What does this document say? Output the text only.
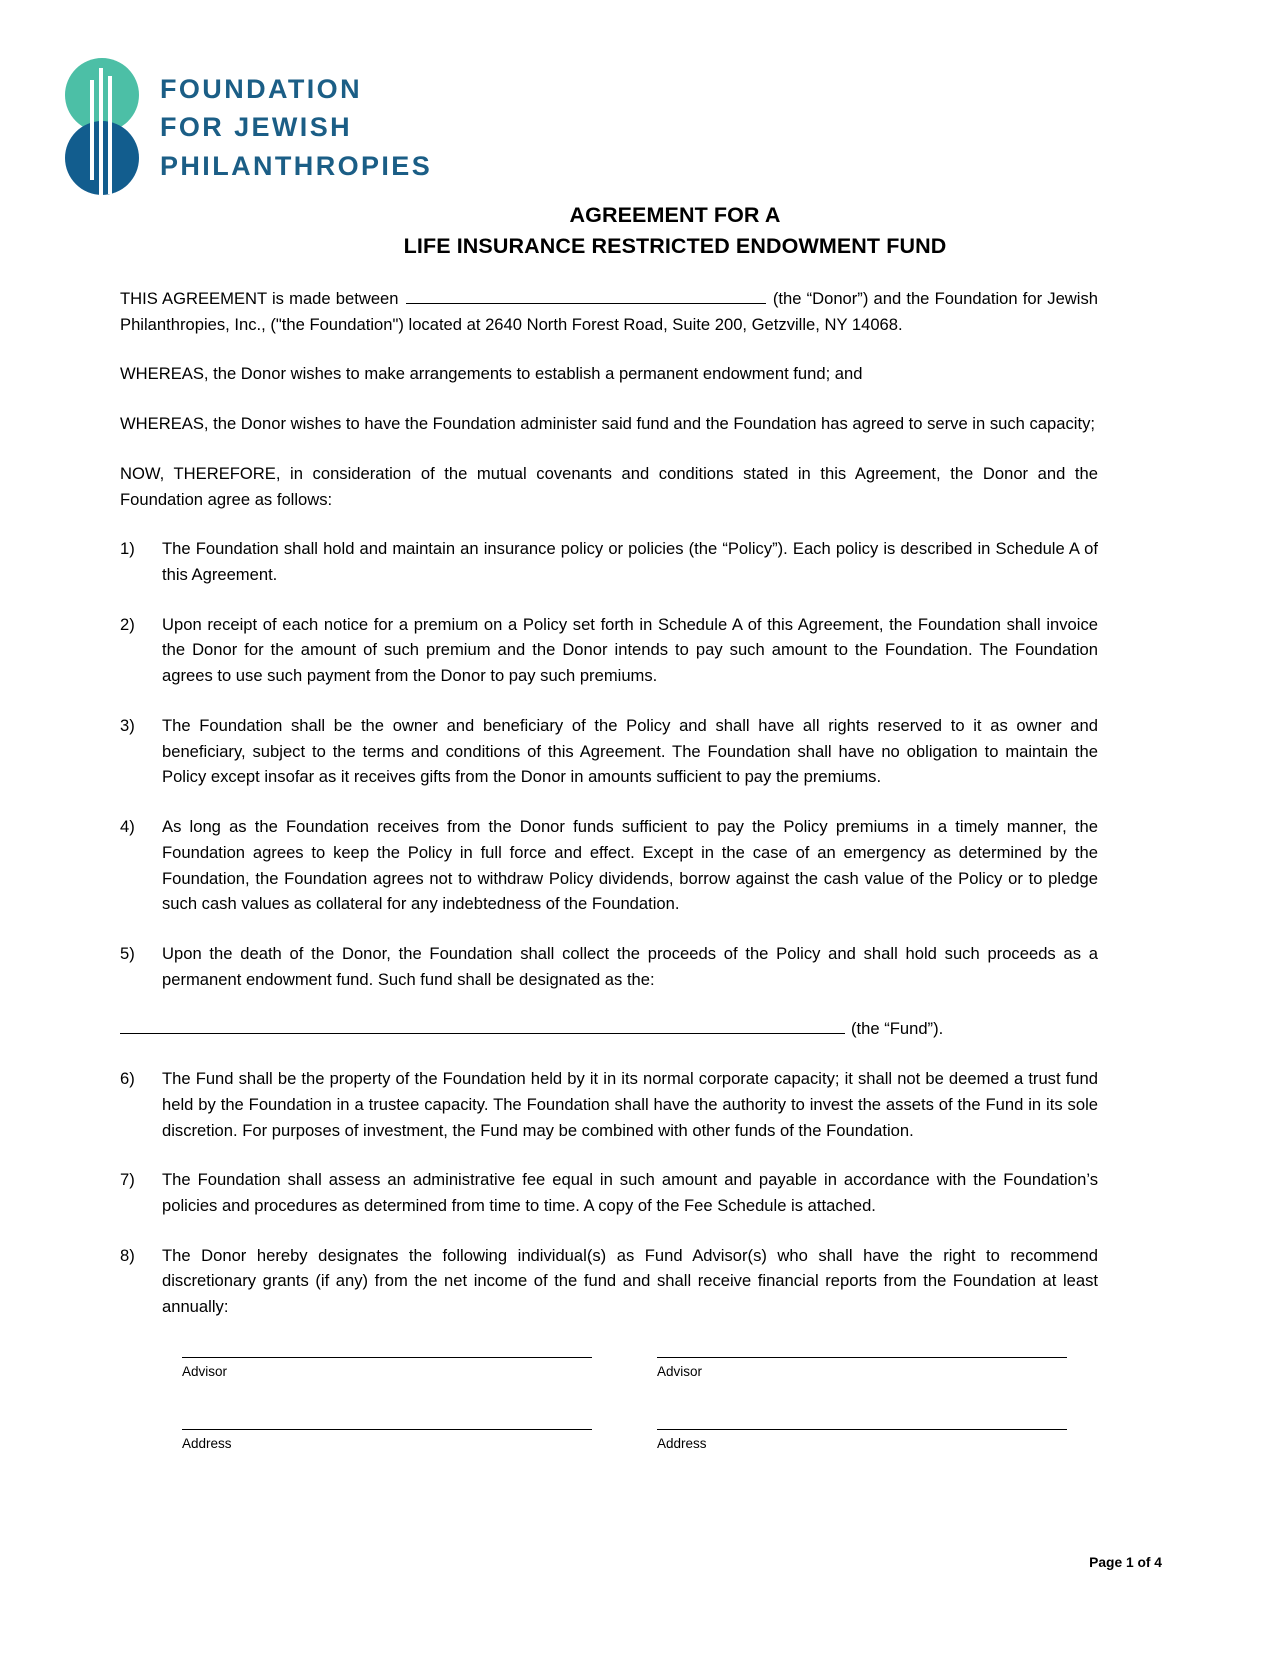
FOUNDATION
FOR JEWISH
PHILANTHROPIES
AGREEMENT FOR A
LIFE INSURANCE RESTRICTED ENDOWMENT FUND

THIS AGREEMENT is made between	(the “Donor”) and the Foundation for Jewish Philanthropies, Inc., ("the Foundation") located at 2640 North Forest Road, Suite 200, Getzville, NY 14068.

WHEREAS, the Donor wishes to make arrangements to establish a permanent endowment fund; and

WHEREAS, the Donor wishes to have the Foundation administer said fund and the Foundation has agreed to serve in such capacity;

NOW, THEREFORE, in consideration of the mutual covenants and conditions stated in this Agreement, the Donor and the Foundation agree as follows:

1)	The Foundation shall hold and maintain an insurance policy or policies (the “Policy”). Each policy is described in Schedule A of this Agreement.
2)	Upon receipt of each notice for a premium on a Policy set forth in Schedule A of this Agreement, the Foundation shall invoice the Donor for the amount of such premium and the Donor intends to pay such amount to the Foundation. The Foundation agrees to use such payment from the Donor to pay such premiums.
3)	The Foundation shall be the owner and beneficiary of the Policy and shall have all rights reserved to it as owner and beneficiary, subject to the terms and conditions of this Agreement. The Foundation shall have no obligation to maintain the Policy except insofar as it receives gifts from the Donor in amounts sufficient to pay the premiums.
4)	As long as the Foundation receives from the Donor funds sufficient to pay the Policy premiums in a timely manner, the Foundation agrees to keep the Policy in full force and effect. Except in the case of an emergency as determined by the Foundation, the Foundation agrees not to withdraw Policy dividends, borrow against the cash value of the Policy or to pledge such cash values as collateral for any indebtedness of the Foundation.
5)	Upon the death of the Donor, the Foundation shall collect the proceeds of the Policy and shall hold such proceeds as a permanent endowment fund. Such fund shall be designated as the:
(the “Fund”).
6)	The Fund shall be the property of the Foundation held by it in its normal corporate capacity; it shall not be deemed a trust fund held by the Foundation in a trustee capacity. The Foundation shall have the authority to invest the assets of the Fund in its sole discretion. For purposes of investment, the Fund may be combined with other funds of the Foundation.
7)	The Foundation shall assess an administrative fee equal in such amount and payable in accordance with the Foundation’s policies and procedures as determined from time to time. A copy of the Fee Schedule is attached.
8)	The Donor hereby designates the following individual(s) as Fund Advisor(s) who shall have the right to recommend discretionary grants (if any) from the net income of the fund and shall receive financial reports from the Foundation at least annually:
Advisor
Address
Advisor
Address
Page 1 of 4
